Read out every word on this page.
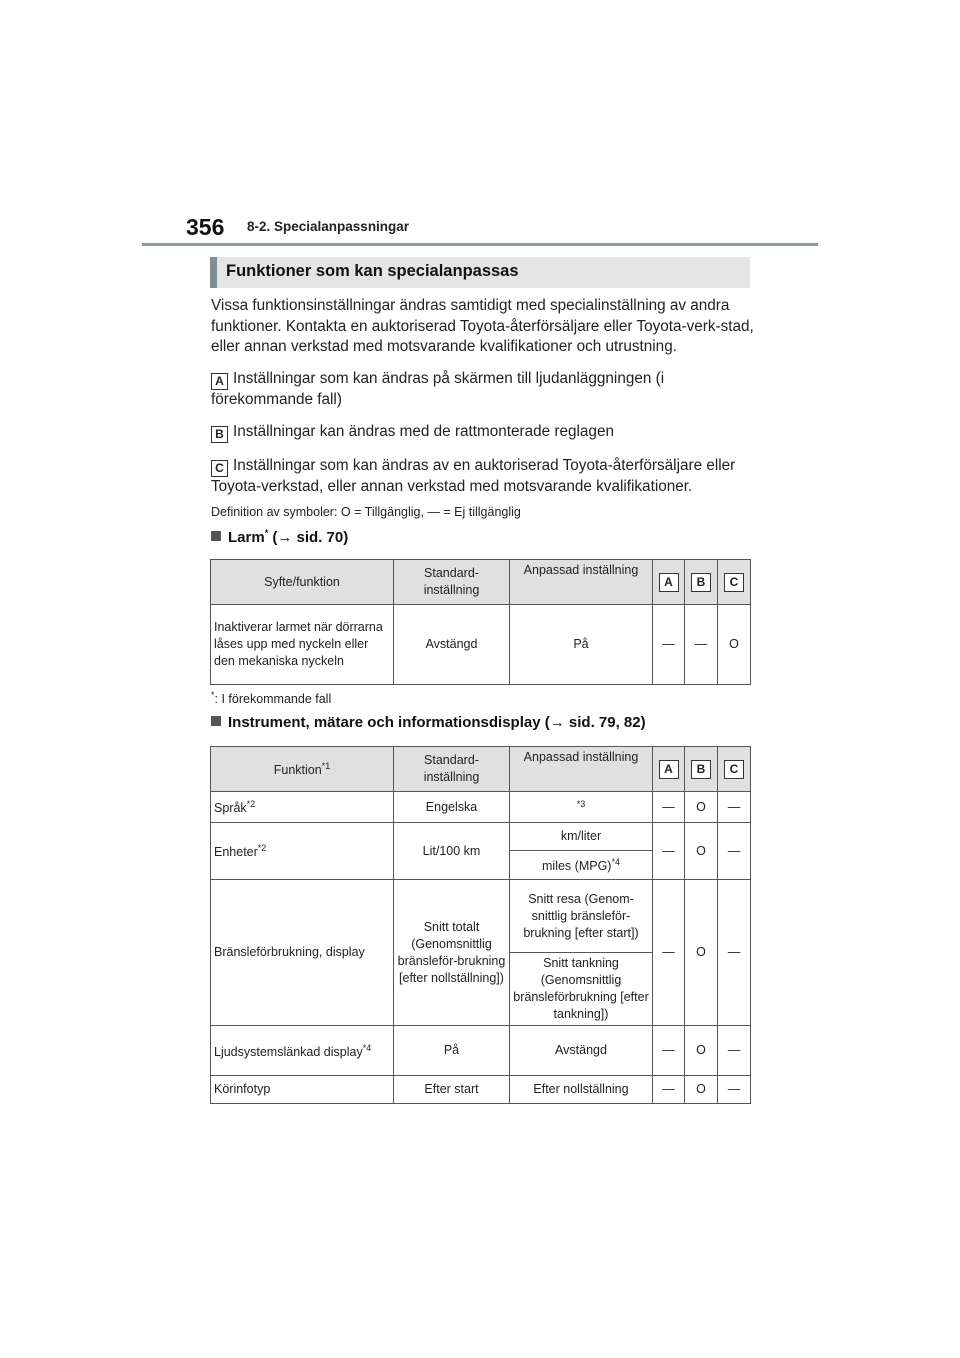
356 8-2. Specialanpassningar
Funktioner som kan specialanpassas
Vissa funktionsinställningar ändras samtidigt med specialinställning av andra funktioner. Kontakta en auktoriserad Toyota-återförsäljare eller Toyota-verk-stad, eller annan verkstad med motsvarande kvalifikationer och utrustning.
A Inställningar som kan ändras på skärmen till ljudanläggningen (i förekommande fall)
B Inställningar kan ändras med de rattmonterade reglagen
C Inställningar som kan ändras av en auktoriserad Toyota-återförsäljare eller Toyota-verkstad, eller annan verkstad med motsvarande kvalifikationer.
Definition av symboler: O = Tillgänglig, — = Ej tillgänglig
Larm* (→ sid. 70)
Syfte/funktion	Standard-inställning	Anpassad inställning	A	B	C
Inaktiverar larmet när dörrarna låses upp med nyckeln eller den mekaniska nyckeln	Avstängd	På	—	—	O
*: I förekommande fall
Instrument, mätare och informationsdisplay (→ sid. 79, 82)
Funktion$^{*1}$	Standard-inställning	Anpassad inställning	A	B	C
Språk$^{*2}$	Engelska	$^{*3}$	—	O	—
Enheter$^{*2}$	Lit/100 km	km/liter	—	O	—
		miles (MPG)$^{*4}$
Bränsleförbrukning, display	Snitt totalt (Genomsnittlig bränsleför-brukning [efter nollställning])	Snitt resa (Genom-snittlig bränsleför-brukning [efter start])	—	O	—
		Snitt tankning (Genomsnittlig bränsleförbrukning [efter tankning])			
Ljudsystemslänkad display$^{*4}$	På	Avstängd	—	O	—
Körinfotyp	Efter start	Efter nollställning	—	O	—
